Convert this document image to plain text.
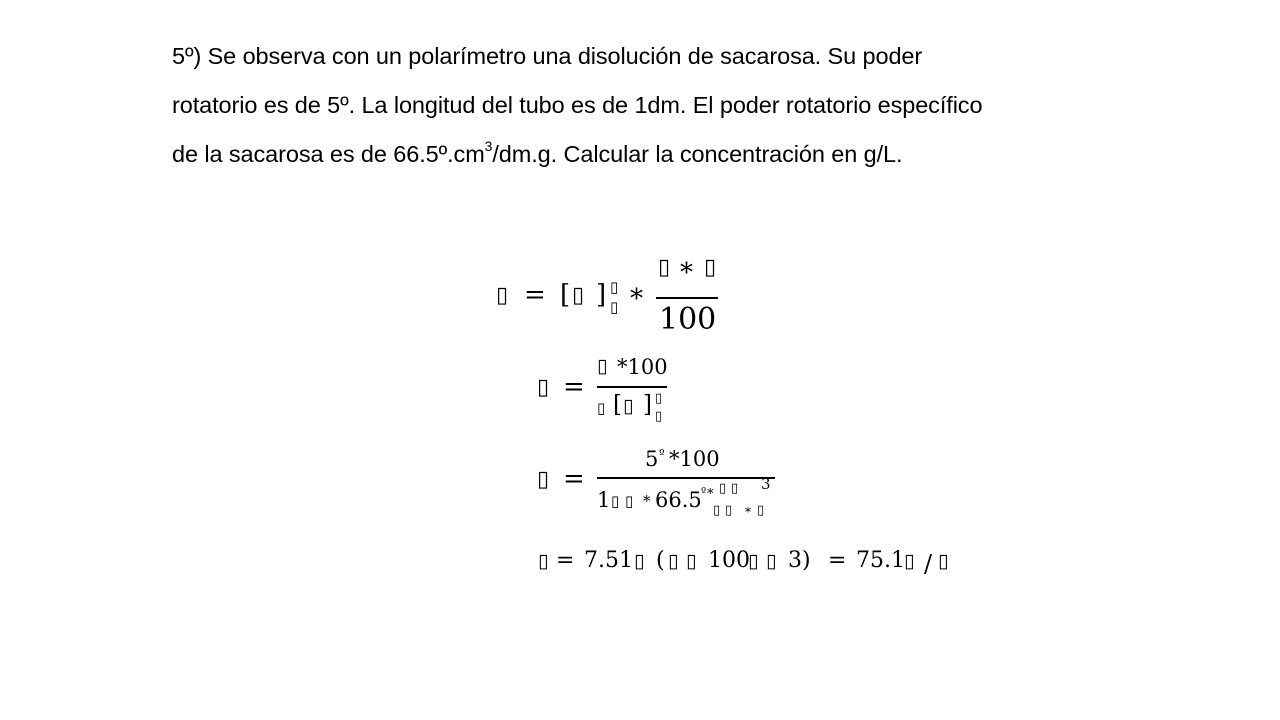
5º) Se observa con un polarímetro una disolución de sacarosa. Su poder
rotatorio es de 5º. La longitud del tubo es de 1dm. El poder rotatorio específico
de la sacarosa es de $66.5º.cm^3/dm.g$. Calcular la concentración en g/L.
▯ = [ ▯ ] ▯
▯ *
▯ * ▯
100
▯ =
▯ *100
▯ [ ▯ ] ▯
▯
▯ =
5 º *100
1 ▯ ▯ * 66.5 º * ▯ ▯ 3
▯ ▯ * ▯
▯ = 7.51 ▯ ( ▯ ▯ 100
▯ ▯ 3) = 75.1 ▯ / ▯
